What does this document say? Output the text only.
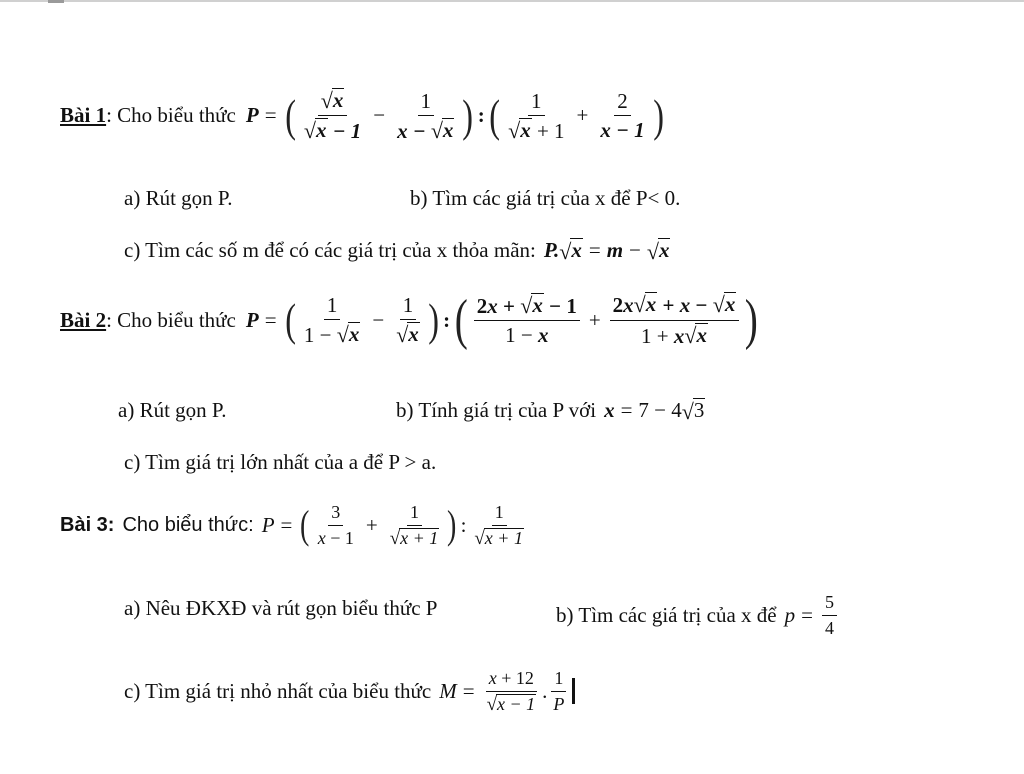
Bài 1 : Cho biểu thức P = ( $\frac{√ x}{√ x - 1} - \frac{1}{x - √ x}$ ) : ( $\frac{1}{√ x + 1} + \frac{2}{x - 1}$ )
a) Rút gọn P.	b) Tìm các giá trị của x để P< 0.
c) Tìm các số m để có các giá trị của x thỏa mãn: P. √ x = m − √ x
Bài 2 : Cho biểu thức P = ( $\frac{1}{1 - √ x} - \frac{1}{√ x}$ ) : ( $\frac{2x + √ x - 1}{1 - x} + \frac{2x √ x + x - √ x}{1 + x √ x}$ )
a) Rút gọn P.	b) Tính giá trị của P với x = 7 − 4 √ 3
c) Tìm giá trị lớn nhất của a để P > a.
Bài 3: Cho biểu thức: P = ( $\frac{3}{x - 1} + \frac{1}{√ x + 1}$ ) : $\frac{1}{√ x + 1}$
a) Nêu ĐKXĐ và rút gọn biểu thức P	b) Tìm các giá trị của x để $p = \frac{5}{4}$
c) Tìm giá trị nhỏ nhất của biểu thức $M = \frac{x + 12}{√ x - 1}$ . $\frac{1}{P}$
